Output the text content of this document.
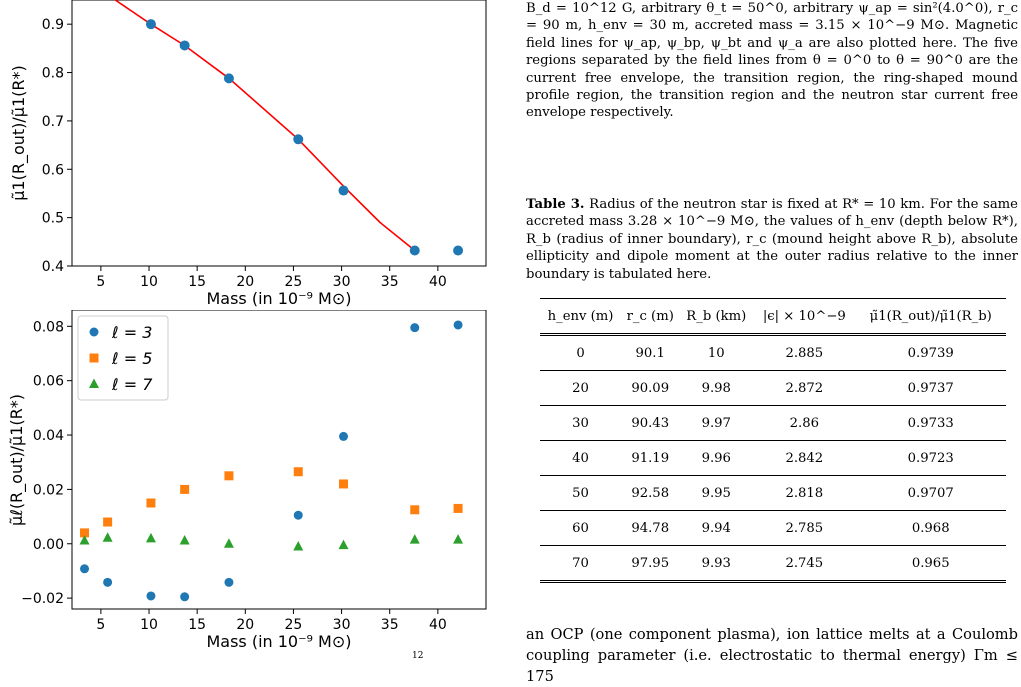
5 10 15 20 25 30 35 40
0.4
0.5
0.6
0.7
0.8
0.9
Mass (in 10⁻⁹ M⊙)
μ̃1(R_out)/μ̃1(R*)
5 10 15 20 25 30 35 40
−0.02
0.00
0.02
0.04
0.06
0.08	ℓ = 3
ℓ = 5
ℓ = 7
Mass (in 10⁻⁹ M⊙)
μ̃ℓ(R_out)/μ̃1(R*)
12
B_d = 10^12 G, arbitrary θ_t = 50^0, arbitrary ψ_ap = sin²(4.0^0), r_c = 90 m, h_env = 30 m, accreted mass = 3.15 × 10^−9 M⊙. Magnetic field lines for ψ_ap, ψ_bp, ψ_bt and ψ_a are also plotted here. The five regions separated by the field lines from θ = 0^0 to θ = 90^0 are the current free envelope, the transition region, the ring-shaped mound profile region, the transition region and the neutron star current free envelope respectively.
Table 3. Radius of the neutron star is fixed at R* = 10 km. For the same accreted mass 3.28 × 10^−9 M⊙, the values of h_env (depth below R*), R_b (radius of inner boundary), r_c (mound height above R_b), absolute ellipticity and dipole moment at the outer radius relative to the inner boundary is tabulated here.
h_env (m)	r_c (m)	R_b (km)	|ϵ| × 10^−9	μ̃1(R_out)/μ̃1(R_b)
0	90.1	10	2.885	0.9739
20	90.09	9.98	2.872	0.9737
30	90.43	9.97	2.86	0.9733
40	91.19	9.96	2.842	0.9723
50	92.58	9.95	2.818	0.9707
60	94.78	9.94	2.785	0.968
70	97.95	9.93	2.745	0.965
an OCP (one component plasma), ion lattice melts at a Coulomb coupling parameter (i.e. electrostatic to thermal energy) Γm ≤ 175
